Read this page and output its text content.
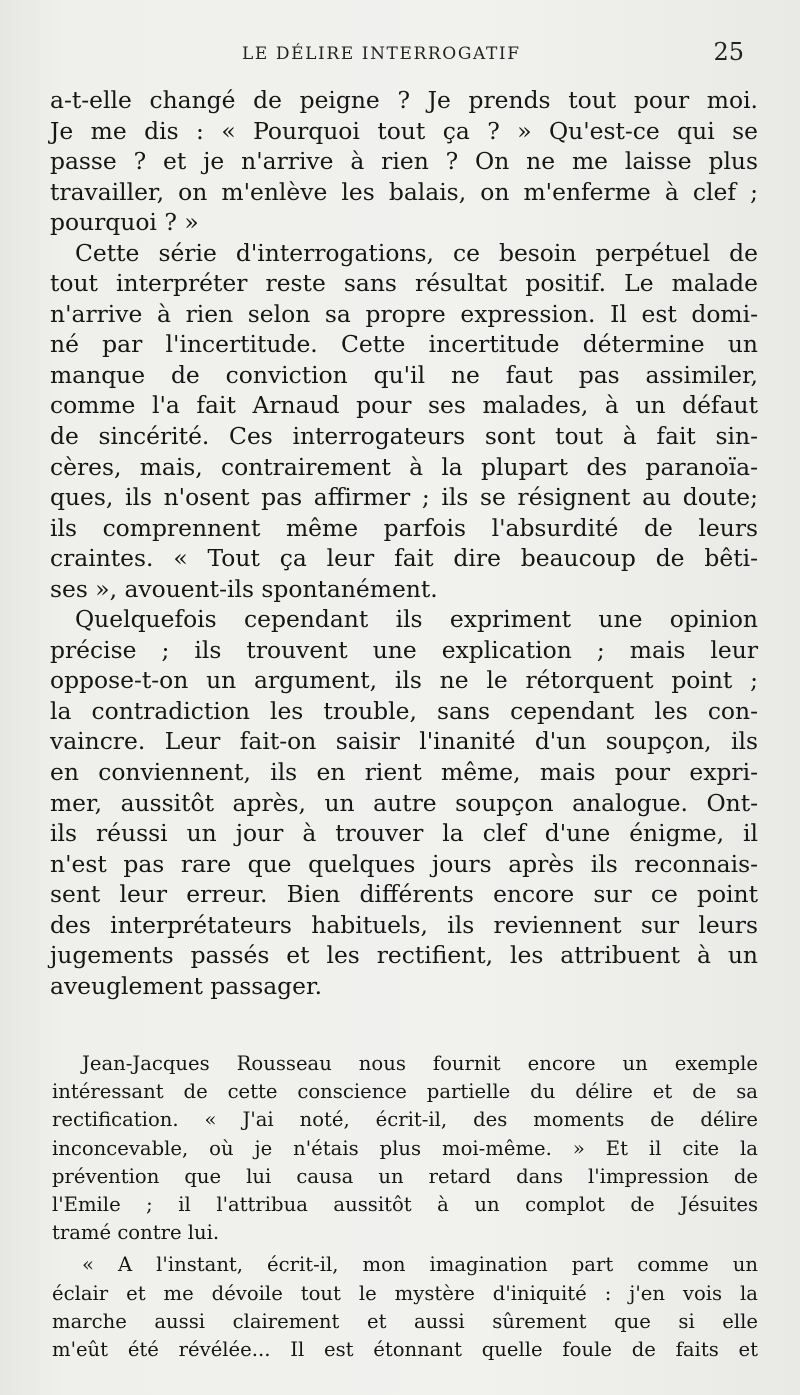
LE DÉLIRE INTERROGATIF	25

a-t-elle changé de peigne ? Je prends tout pour moi.
Je me dis : « Pourquoi tout ça ? » Qu'est-ce qui se
passe ? et je n'arrive à rien ? On ne me laisse plus
travailler, on m'enlève les balais, on m'enferme à clef ;
pourquoi ? »

Cette série d'interrogations, ce besoin perpétuel de
tout interpréter reste sans résultat positif. Le malade
n'arrive à rien selon sa propre expression. Il est domi-
né par l'incertitude. Cette incertitude détermine un
manque de conviction qu'il ne faut pas assimiler,
comme l'a fait Arnaud pour ses malades, à un défaut
de sincérité. Ces interrogateurs sont tout à fait sin-
cères, mais, contrairement à la plupart des paranoïa-
ques, ils n'osent pas affirmer ; ils se résignent au doute;
ils comprennent même parfois l'absurdité de leurs
craintes. « Tout ça leur fait dire beaucoup de bêti-
ses », avouent-ils spontanément.

Quelquefois cependant ils expriment une opinion
précise ; ils trouvent une explication ; mais leur
oppose-t-on un argument, ils ne le rétorquent point ;
la contradiction les trouble, sans cependant les con-
vaincre. Leur fait-on saisir l'inanité d'un soupçon, ils
en conviennent, ils en rient même, mais pour expri-
mer, aussitôt après, un autre soupçon analogue. Ont-
ils réussi un jour à trouver la clef d'une énigme, il
n'est pas rare que quelques jours après ils reconnais-
sent leur erreur. Bien différents encore sur ce point
des interprétateurs habituels, ils reviennent sur leurs
jugements passés et les rectifient, les attribuent à un
aveuglement passager.

Jean-Jacques Rousseau nous fournit encore un exemple
intéressant de cette conscience partielle du délire et de sa
rectification. « J'ai noté, écrit-il, des moments de délire
inconcevable, où je n'étais plus moi-même. » Et il cite la
prévention que lui causa un retard dans l'impression de
l'Emile ; il l'attribua aussitôt à un complot de Jésuites
tramé contre lui.

« A l'instant, écrit-il, mon imagination part comme un
éclair et me dévoile tout le mystère d'iniquité : j'en vois la
marche aussi clairement et aussi sûrement que si elle
m'eût été révélée... Il est étonnant quelle foule de faits et
